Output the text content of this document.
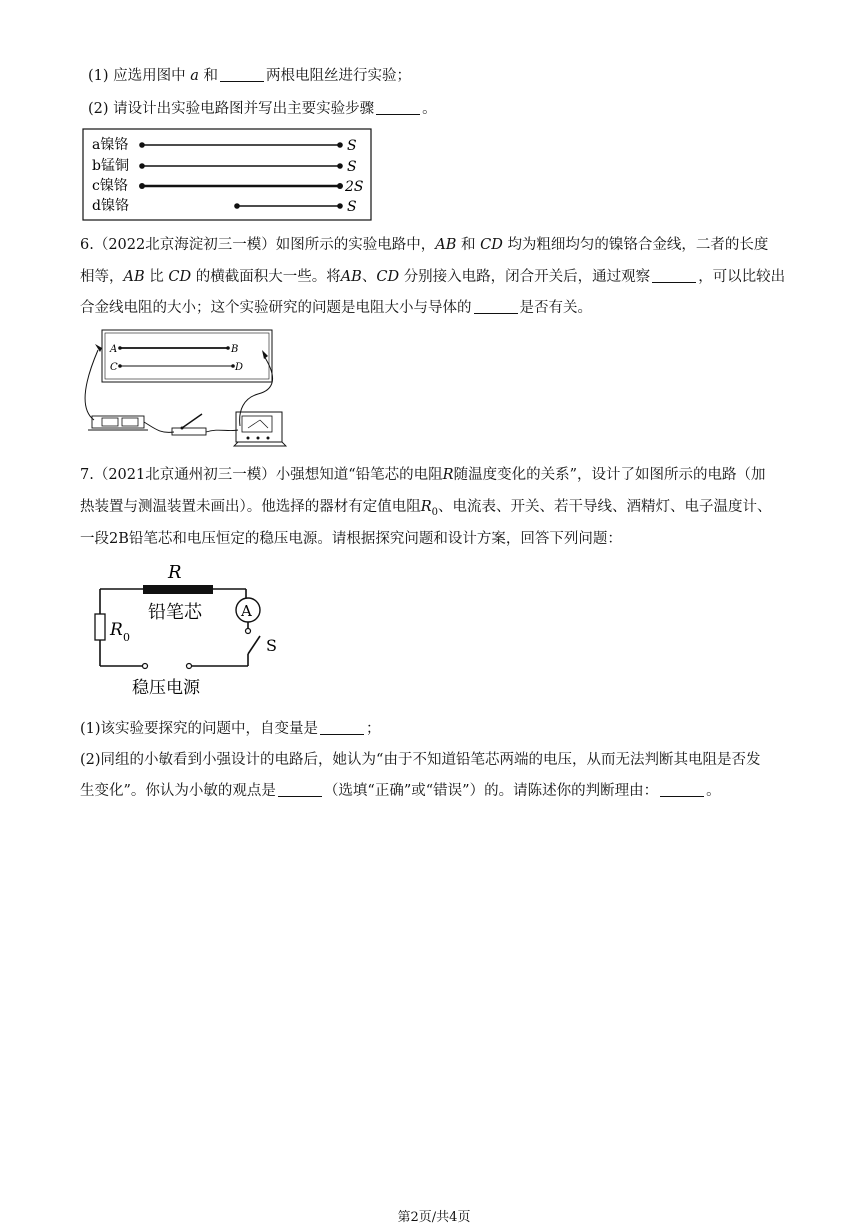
(1) 应选用图中 a 和	两根电阻丝进行实验；
(2) 请设计出实验电路图并写出主要实验步骤	。
a镍铬	S
b锰铜	S
c镍铬	2S
d镍铬	S
6.（2022北京海淀初三一模）如图所示的实验电路中，AB 和 CD 均为粗细均匀的镍铬合金线，二者的长度
相等，AB 比 CD 的横截面积大一些。将AB、CD 分别接入电路，闭合开关后，通过观察	，可以比较出
合金线电阻的大小；这个实验研究的问题是电阻大小与导体的	是否有关。
A	B
C	D
7.（2021北京通州初三一模）小强想知道“铅笔芯的电阻R随温度变化的关系”，设计了如图所示的电路（加
热装置与测温装置未画出）。他选择的器材有定值电阻$R_0$、电流表、开关、若干导线、酒精灯、电子温度计、
一段2B铅笔芯和电压恒定的稳压电源。请根据探究问题和设计方案，回答下列问题：
R
铅笔芯
R 0
A
S
稳压电源
(1)该实验要探究的问题中，自变量是	；
(2)同组的小敏看到小强设计的电路后，她认为“由于不知道铅笔芯两端的电压，从而无法判断其电阻是否发
生变化”。你认为小敏的观点是	（选填“正确”或“错误”）的。请陈述你的判断理由：	。
第2页/共4页
